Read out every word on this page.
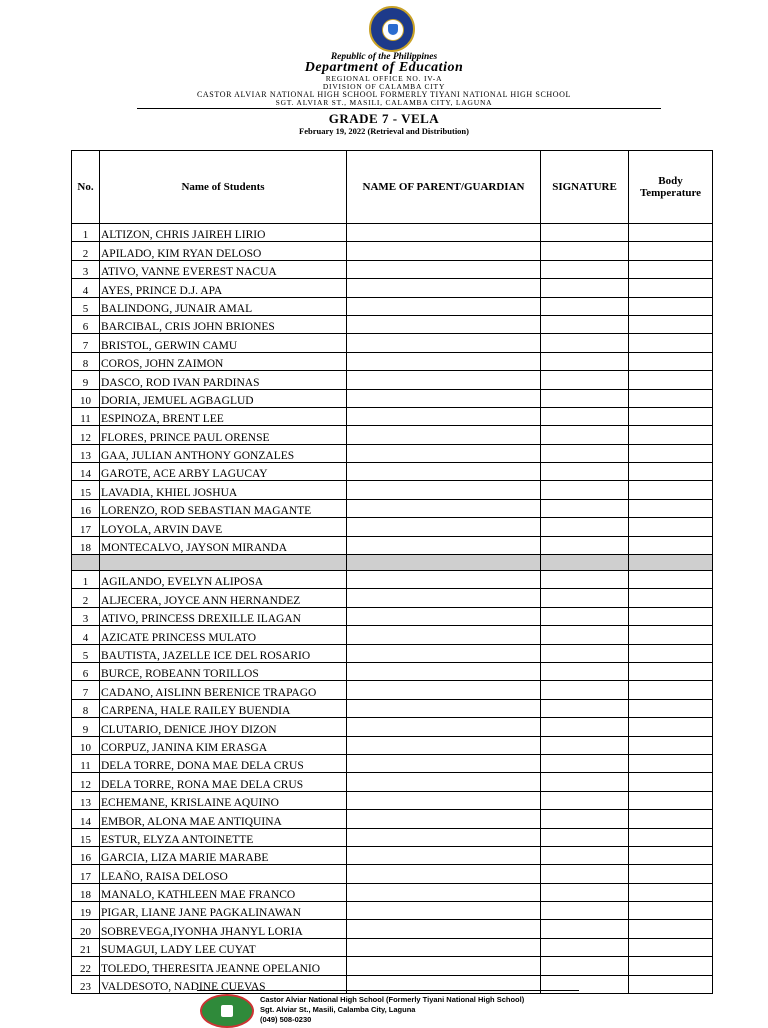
Republic of the Philippines
Department of Education
REGIONAL OFFICE NO. IV-A
DIVISION OF CALAMBA CITY
CASTOR ALVIAR NATIONAL HIGH SCHOOL FORMERLY TIYANI NATIONAL HIGH SCHOOL
SGT. ALVIAR ST., MASILI, CALAMBA CITY, LAGUNA
GRADE 7 - VELA
February 19, 2022 (Retrieval and Distribution)
No.	Name of Students	NAME OF PARENT/GUARDIAN	SIGNATURE	Body Temperature
1	ALTIZON, CHRIS JAIREH LIRIO			
2	APILADO, KIM RYAN DELOSO			
3	ATIVO, VANNE EVEREST NACUA			
4	AYES, PRINCE D.J. APA			
5	BALINDONG, JUNAIR AMAL			
6	BARCIBAL, CRIS JOHN BRIONES			
7	BRISTOL, GERWIN CAMU			
8	COROS, JOHN ZAIMON			
9	DASCO, ROD IVAN PARDINAS			
10	DORIA, JEMUEL AGBAGLUD			
11	ESPINOZA, BRENT LEE			
12	FLORES, PRINCE PAUL ORENSE			
13	GAA, JULIAN ANTHONY GONZALES			
14	GAROTE, ACE ARBY LAGUCAY			
15	LAVADIA, KHIEL JOSHUA			
16	LORENZO, ROD SEBASTIAN MAGANTE			
17	LOYOLA, ARVIN DAVE			
18	MONTECALVO, JAYSON MIRANDA			

1	AGILANDO, EVELYN ALIPOSA			
2	ALJECERA, JOYCE ANN HERNANDEZ			
3	ATIVO, PRINCESS DREXILLE ILAGAN			
4	AZICATE PRINCESS MULATO			
5	BAUTISTA, JAZELLE ICE DEL ROSARIO			
6	BURCE, ROBEANN TORILLOS			
7	CADANO, AISLINN BERENICE TRAPAGO			
8	CARPENA, HALE RAILEY BUENDIA			
9	CLUTARIO, DENICE JHOY DIZON			
10	CORPUZ, JANINA KIM ERASGA			
11	DELA TORRE, DONA MAE DELA CRUS			
12	DELA TORRE, RONA MAE DELA CRUS			
13	ECHEMANE, KRISLAINE AQUINO			
14	EMBOR, ALONA MAE ANTIQUINA			
15	ESTUR, ELYZA ANTOINETTE			
16	GARCIA, LIZA MARIE MARABE			
17	LEAÑO, RAISA DELOSO			
18	MANALO, KATHLEEN MAE FRANCO			
19	PIGAR, LIANE JANE PAGKALINAWAN			
20	SOBREVEGA,IYONHA JHANYL LORIA			
21	SUMAGUI, LADY LEE CUYAT			
22	TOLEDO, THERESITA JEANNE OPELANIO			
23	VALDESOTO, NADINE CUEVAS			
Castor Alviar National High School (Formerly Tiyani National High School)
Sgt. Alviar St., Masili, Calamba City, Laguna
(049) 508-0230
